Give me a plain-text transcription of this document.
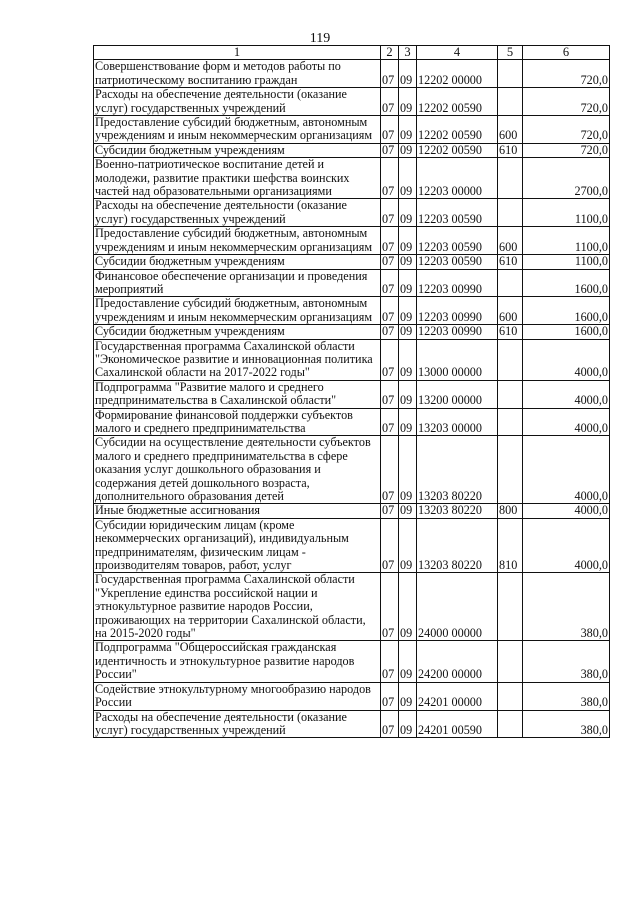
119
1	2	3	4	5	6
Совершенствование форм и методов работы по патриотическому воспитанию граждан	07	09	12202 00000		720,0
Расходы на обеспечение деятельности (оказание услуг) государственных учреждений	07	09	12202 00590		720,0
Предоставление субсидий бюджетным, автономным учреждениям и иным некоммерческим организациям	07	09	12202 00590	600	720,0
Субсидии бюджетным учреждениям	07	09	12202 00590	610	720,0
Военно-патриотическое воспитание детей и молодежи, развитие практики шефства воинских частей над образовательными организациями	07	09	12203 00000		2700,0
Расходы на обеспечение деятельности (оказание услуг) государственных учреждений	07	09	12203 00590		1100,0
Предоставление субсидий бюджетным, автономным учреждениям и иным некоммерческим организациям	07	09	12203 00590	600	1100,0
Субсидии бюджетным учреждениям	07	09	12203 00590	610	1100,0
Финансовое обеспечение организации и проведения мероприятий	07	09	12203 00990		1600,0
Предоставление субсидий бюджетным, автономным учреждениям и иным некоммерческим организациям	07	09	12203 00990	600	1600,0
Субсидии бюджетным учреждениям	07	09	12203 00990	610	1600,0
Государственная программа Сахалинской области "Экономическое развитие и инновационная политика Сахалинской области на 2017-2022 годы"	07	09	13000 00000		4000,0
Подпрограмма "Развитие малого и среднего предпринимательства в Сахалинской области"	07	09	13200 00000		4000,0
Формирование финансовой поддержки субъектов малого и среднего предпринимательства	07	09	13203 00000		4000,0
Субсидии на осуществление деятельности субъектов малого и среднего предпринимательства в сфере оказания услуг дошкольного образования и содержания детей дошкольного возраста, дополнительного образования детей	07	09	13203 80220		4000,0
Иные бюджетные ассигнования	07	09	13203 80220	800	4000,0
Субсидии юридическим лицам (кроме некоммерческих организаций), индивидуальным предпринимателям, физическим лицам - производителям товаров, работ, услуг	07	09	13203 80220	810	4000,0
Государственная программа Сахалинской области "Укрепление единства российской нации и этнокультурное развитие народов России, проживающих на территории Сахалинской области, на 2015-2020 годы"	07	09	24000 00000		380,0
Подпрограмма "Общероссийская гражданская идентичность и этнокультурное развитие народов России"	07	09	24200 00000		380,0
Содействие этнокультурному многообразию народов России	07	09	24201 00000		380,0
Расходы на обеспечение деятельности (оказание услуг) государственных учреждений	07	09	24201 00590		380,0
